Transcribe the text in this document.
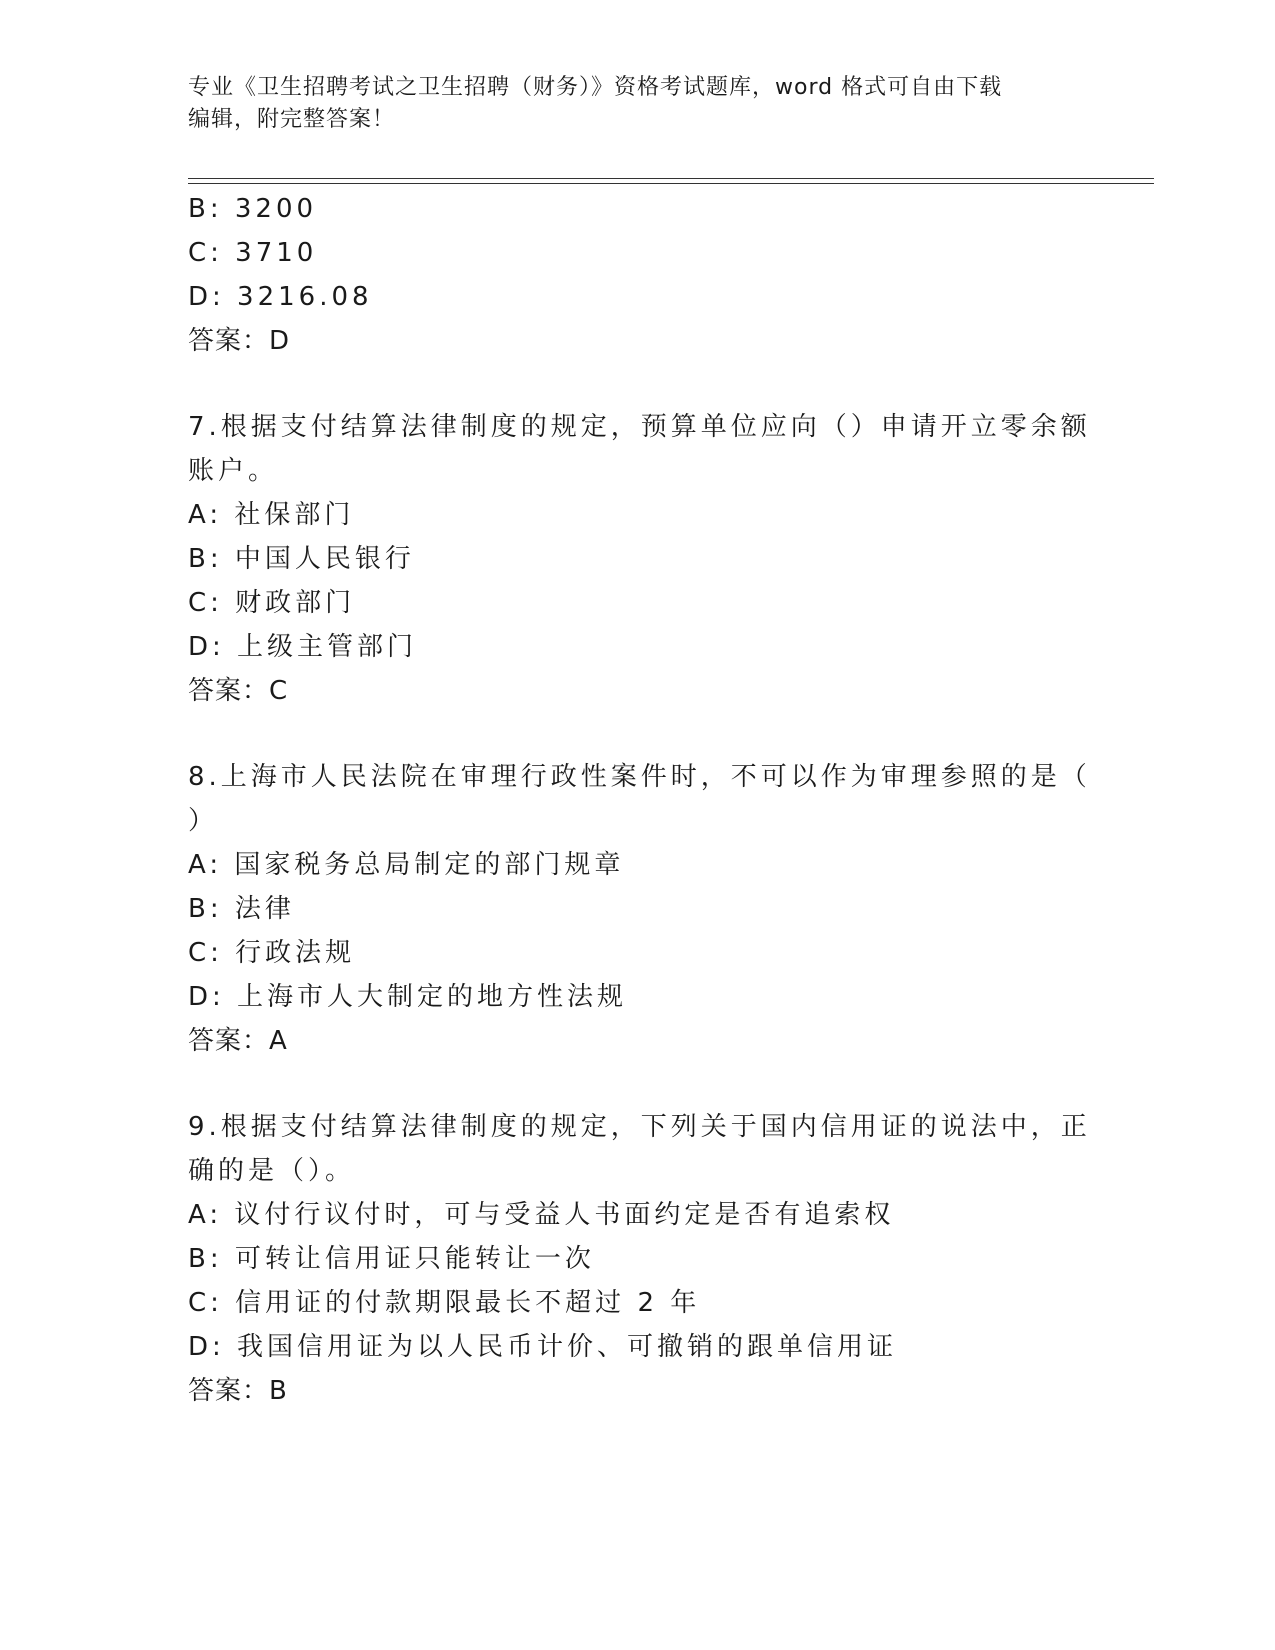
专业《卫生招聘考试之卫生招聘（财务）》资格考试题库，word 格式可自由下载
编辑，附完整答案！
B: 3200
C: 3710
D: 3216.08
答案：D
7.根据支付结算法律制度的规定，预算单位应向（）申请开立零余额
账户。
A: 社保部门
B: 中国人民银行
C: 财政部门
D: 上级主管部门
答案：C
8.上海市人民法院在审理行政性案件时，不可以作为审理参照的是（
）
A: 国家税务总局制定的部门规章
B: 法律
C: 行政法规
D: 上海市人大制定的地方性法规
答案：A
9.根据支付结算法律制度的规定，下列关于国内信用证的说法中，正
确的是（）。
A: 议付行议付时，可与受益人书面约定是否有追索权
B: 可转让信用证只能转让一次
C: 信用证的付款期限最长不超过 2 年
D: 我国信用证为以人民币计价、可撤销的跟单信用证
答案：B
